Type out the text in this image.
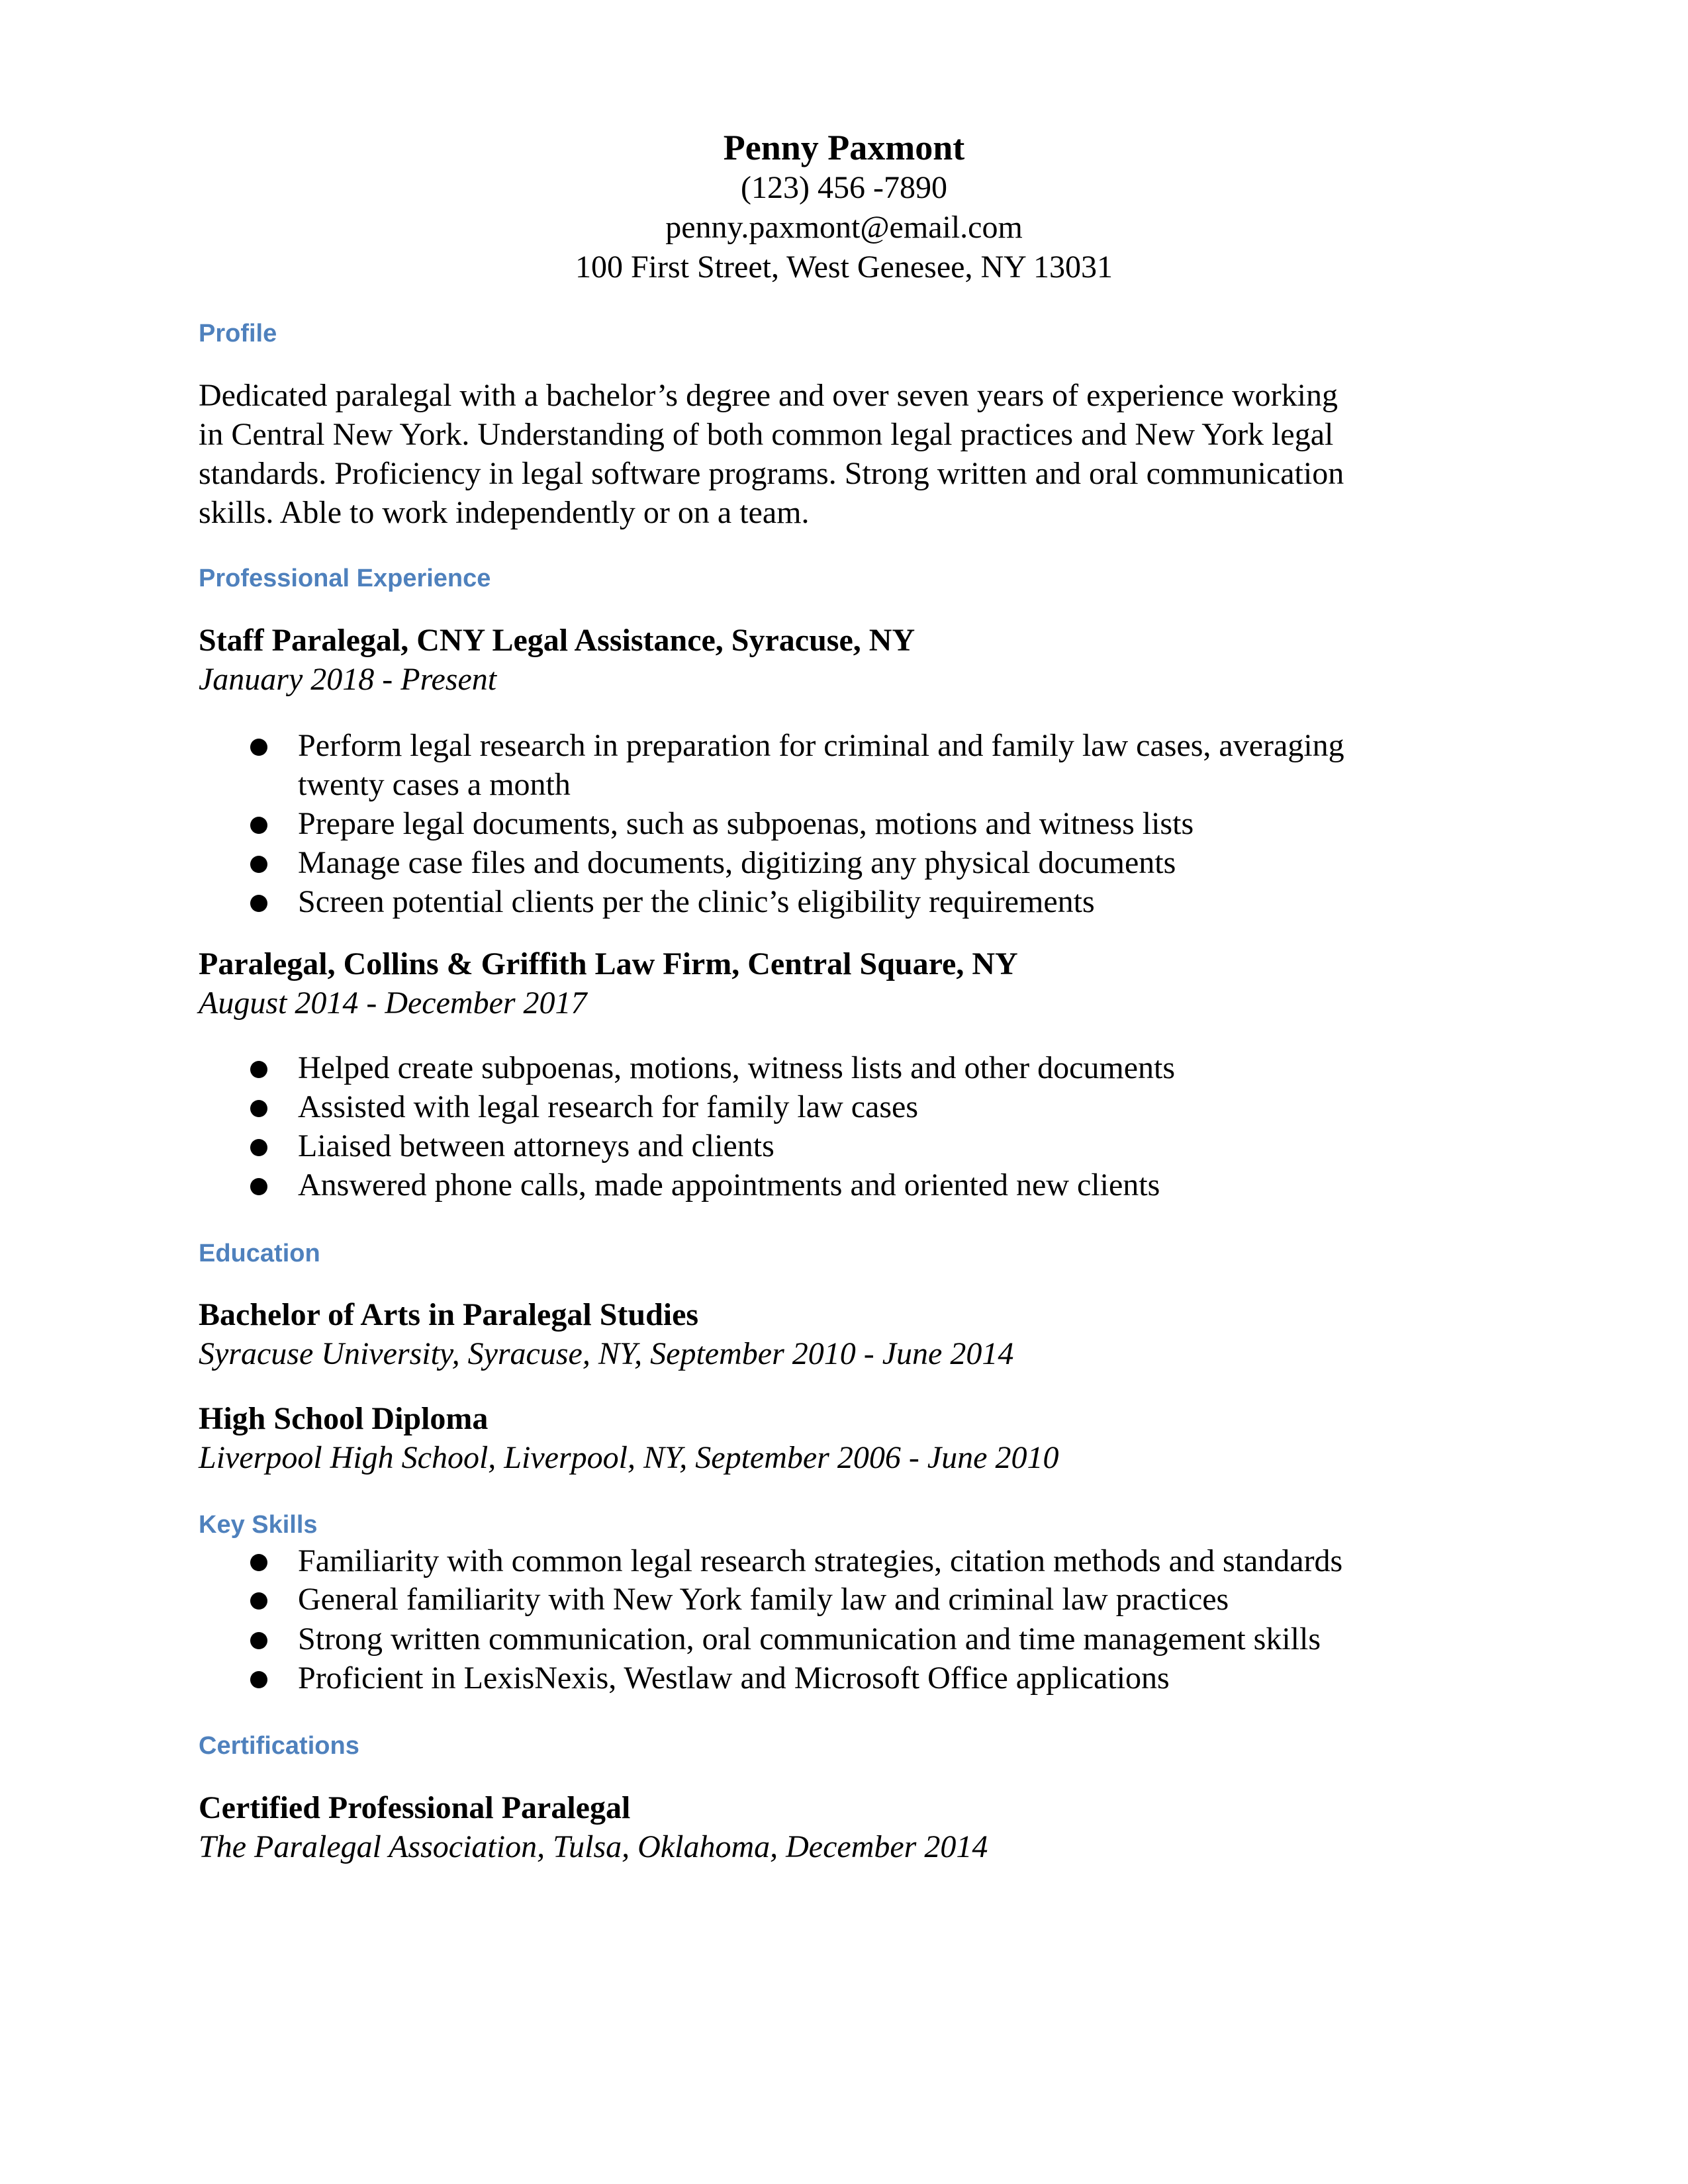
Penny Paxmont
(123) 456 -7890
penny.paxmont@email.com
100 First Street, West Genesee, NY 13031
Profile
Dedicated paralegal with a bachelor’s degree and over seven years of experience working
in Central New York. Understanding of both common legal practices and New York legal
standards. Proficiency in legal software programs. Strong written and oral communication
skills. Able to work independently or on a team.
Professional Experience
Staff Paralegal, CNY Legal Assistance, Syracuse, NY
January 2018 - Present
Perform legal research in preparation for criminal and family law cases, averaging
twenty cases a month
Prepare legal documents, such as subpoenas, motions and witness lists
Manage case files and documents, digitizing any physical documents
Screen potential clients per the clinic’s eligibility requirements
Paralegal, Collins & Griffith Law Firm, Central Square, NY
August 2014 - December 2017
Helped create subpoenas, motions, witness lists and other documents
Assisted with legal research for family law cases
Liaised between attorneys and clients
Answered phone calls, made appointments and oriented new clients
Education
Bachelor of Arts in Paralegal Studies
Syracuse University, Syracuse, NY, September 2010 - June 2014
High School Diploma
Liverpool High School, Liverpool, NY, September 2006 - June 2010
Key Skills
Familiarity with common legal research strategies, citation methods and standards
General familiarity with New York family law and criminal law practices
Strong written communication, oral communication and time management skills
Proficient in LexisNexis, Westlaw and Microsoft Office applications
Certifications
Certified Professional Paralegal
The Paralegal Association, Tulsa, Oklahoma, December 2014
